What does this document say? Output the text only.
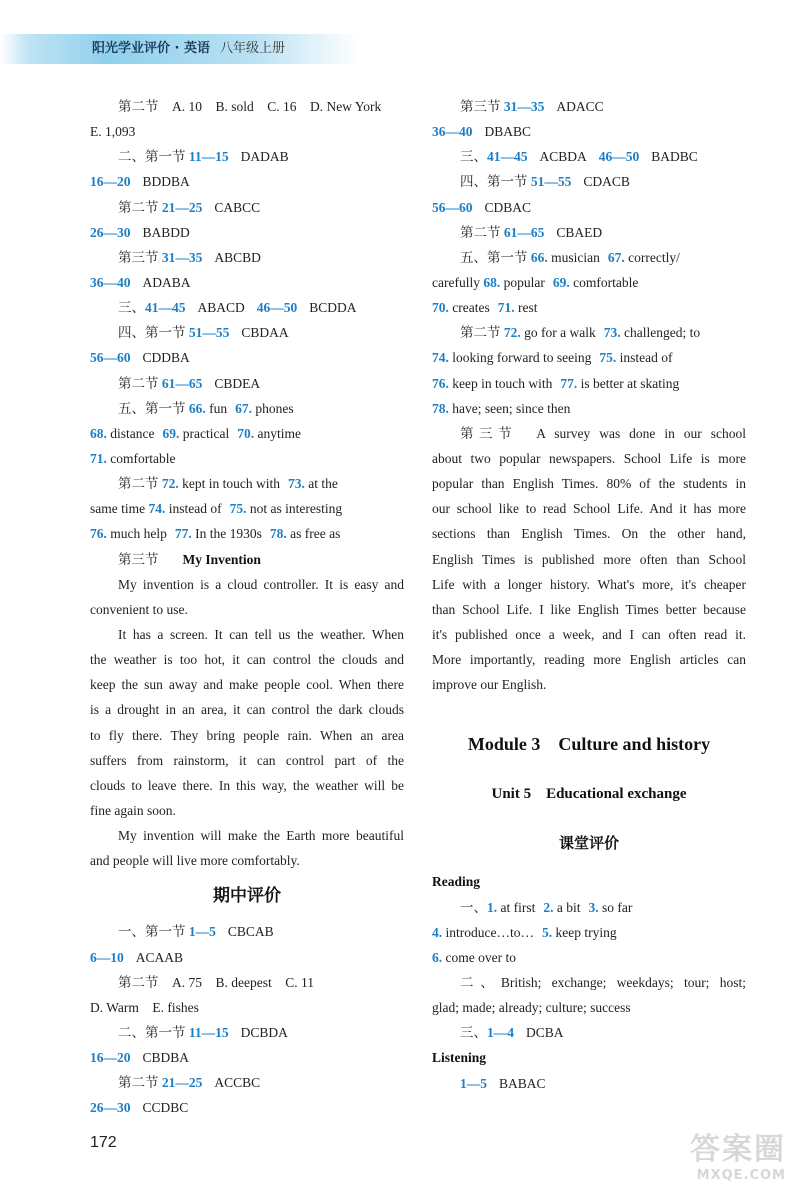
阳光学业评价 · 英语 八年级上册
第二节　A. 10　B. sold　C. 16　D. New York
E. 1,093
二、第一节 11—15 DADAB
16—20 BDDBA
第二节 21—25 CABCC
26—30 BABDD
第三节 31—35 ABCBD
36—40 ADABA
三、41—45 ABACD 46—50 BCDDA
四、第一节 51—55 CBDAA
56—60 CDDBA
第二节 61—65 CBDEA
五、第一节 66. fun 67. phones
68. distance 69. practical 70. anytime
71. comfortable
第二节 72. kept in touch with 73. at the
same time 74. instead of 75. not as interesting
76. much help 77. In the 1930s 78. as free as
第三节 My Invention
My invention is a cloud controller. It is easy and
convenient to use.
It has a screen. It can tell us the weather. When
the weather is too hot, it can control the clouds and
keep the sun away and make people cool. When there
is a drought in an area, it can control the dark clouds
to fly there. They bring people rain. When an area
suffers from rainstorm, it can control part of the
clouds to leave there. In this way, the weather will be
fine again soon.
My invention will make the Earth more beautiful
and people will live more comfortably.
期中评价
一、第一节 1—5 CBCAB
6—10 ACAAB
第二节　A. 75　B. deepest　C. 11
D. Warm　E. fishes
二、第一节 11—15 DCBDA
16—20 CBDBA
第二节 21—25 ACCBC
26—30 CCDBC
第三节 31—35 ADACC
36—40 DBABC
三、41—45 ACBDA 46—50 BADBC
四、第一节 51—55 CDACB
56—60 CDBAC
第二节 61—65 CBAED
五、第一节 66. musician 67. correctly/
carefully 68. popular 69. comfortable
70. creates 71. rest
第二节 72. go for a walk 73. challenged; to
74. looking forward to seeing 75. instead of
76. keep in touch with 77. is better at skating
78. have; seen; since then
第三节　A survey was done in our school
about two popular newspapers. School Life is more
popular than English Times. 80% of the students in
our school like to read School Life. And it has more
sections than English Times. On the other hand,
English Times is published more often than School
Life with a longer history. What's more, it's cheaper
than School Life. I like English Times better because
it's published once a week, and I can often read it.
More importantly, reading more English articles can
improve our English.
Module 3　Culture and history
Unit 5　Educational exchange
课堂评价
Reading
一、1. at first 2. a bit 3. so far
4. introduce…to… 5. keep trying
6. come over to
二、British; exchange; weekdays; tour; host;
glad; made; already; culture; success
三、1—4 DCBA
Listening
1—5 BABAC
172	答案圈
MXQE.COM
